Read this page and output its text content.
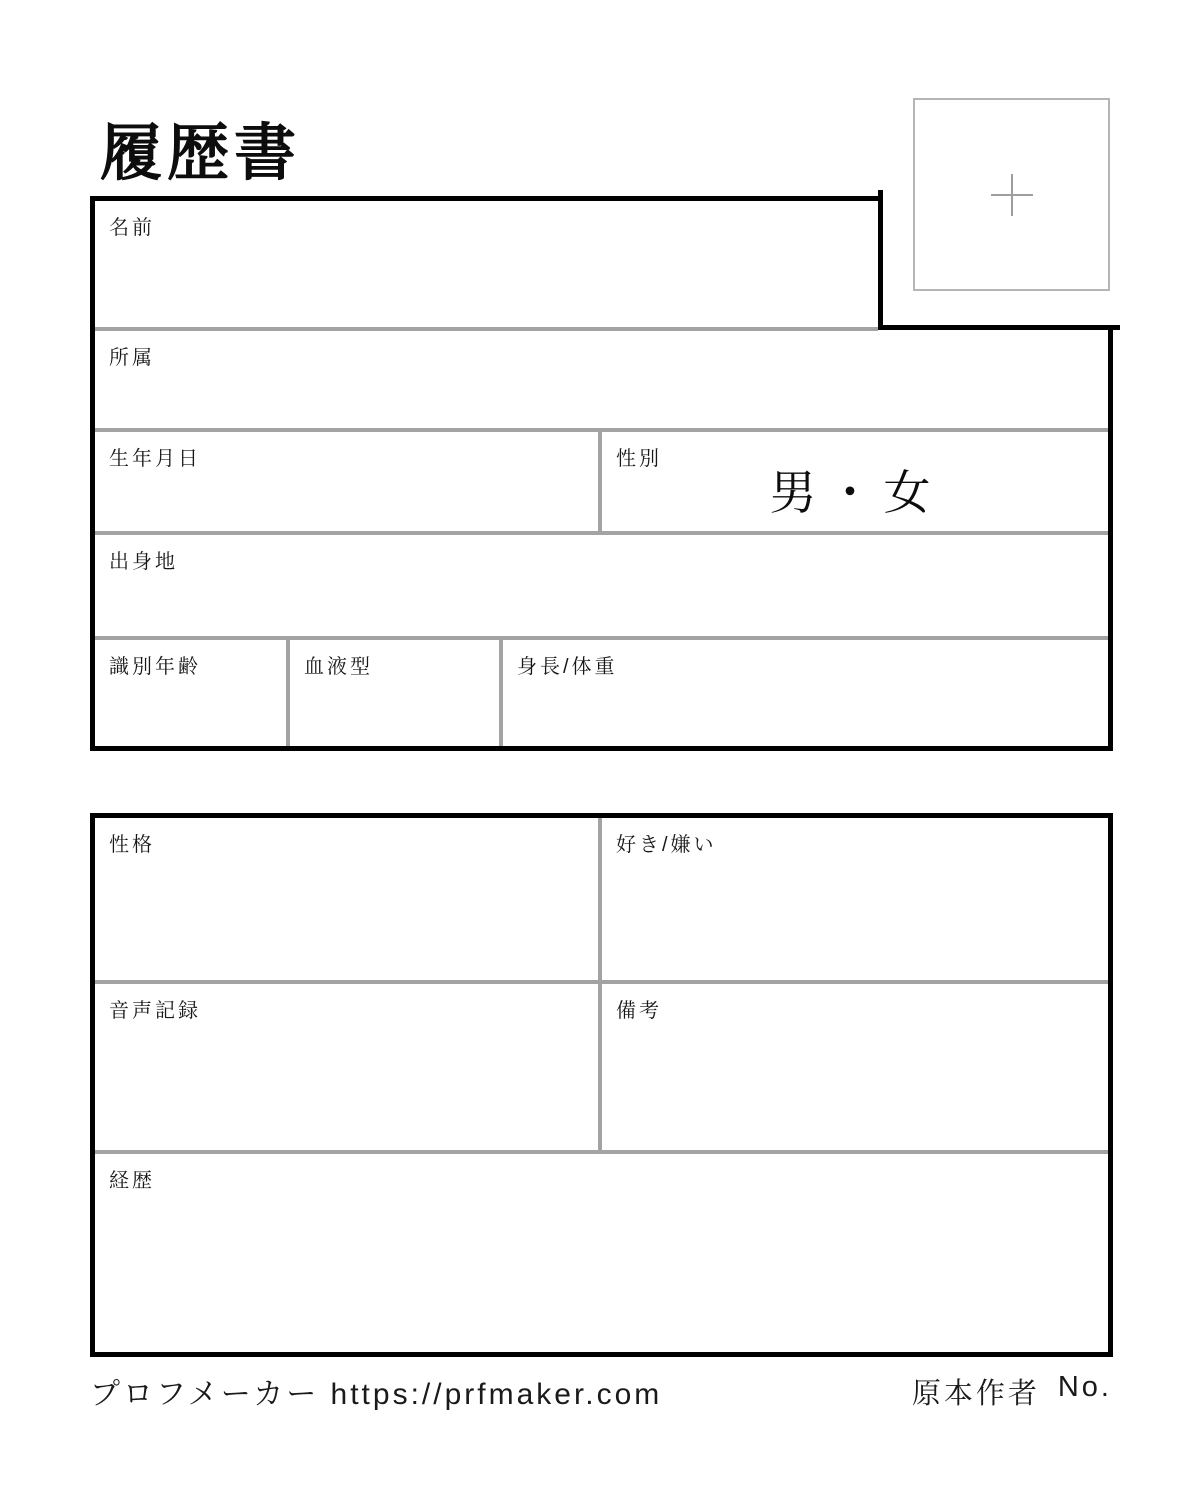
履歴書
名前
所属
生年月日	性別
男・女
出身地
識別年齢	血液型	身長/体重
性格	好き/嫌い
音声記録	備考
経歴
プロフメーカー https://prfmaker.com	原本作者 No.
